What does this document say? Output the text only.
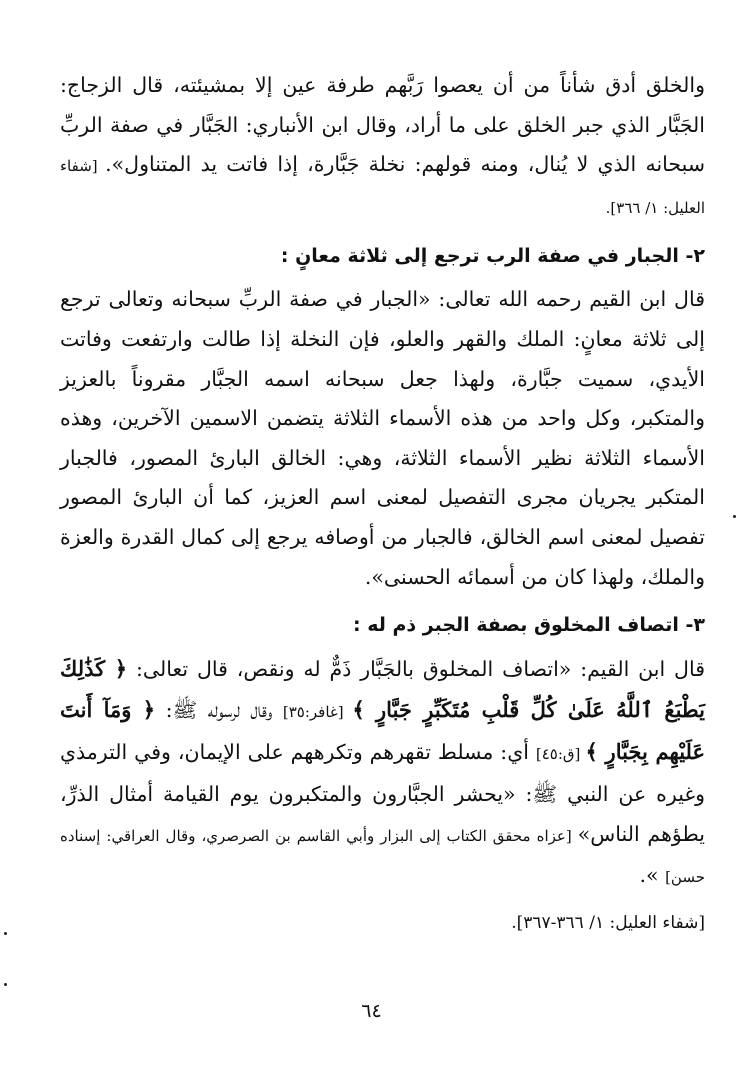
والخلق أدق شأناً من أن يعصوا رَبَّهم طرفة عين إلا بمشيئته، قال الزجاج: الجَبَّار الذي جبر الخلق على ما أراد، وقال ابن الأنباري: الجَبَّار في صفة الربِّ سبحانه الذي لا يُنال، ومنه قولهم: نخلة جَبَّارة، إذا فاتت يد المتناول». [شفاء العليل: ١/ ٣٦٦].

٢- الجبار في صفة الرب ترجع إلى ثلاثة معانٍ :

قال ابن القيم رحمه الله تعالى: «الجبار في صفة الربِّ سبحانه وتعالى ترجع إلى ثلاثة معانٍ: الملك والقهر والعلو، فإن النخلة إذا طالت وارتفعت وفاتت الأيدي، سميت جبَّارة، ولهذا جعل سبحانه اسمه الجبَّار مقروناً بالعزيز والمتكبر، وكل واحد من هذه الأسماء الثلاثة يتضمن الاسمين الآخرين، وهذه الأسماء الثلاثة نظير الأسماء الثلاثة، وهي: الخالق البارئ المصور، فالجبار المتكبر يجريان مجرى التفصيل لمعنى اسم العزيز، كما أن البارئ المصور تفصيل لمعنى اسم الخالق، فالجبار من أوصافه يرجع إلى كمال القدرة والعزة والملك، ولهذا كان من أسمائه الحسنى».

٣- اتصاف المخلوق بصفة الجبر ذم له :

قال ابن القيم: «اتصاف المخلوق بالجَبَّار ذَمٌّ له ونقص، قال تعالى: ﴿ كَذَٰلِكَ يَطْبَعُ ٱللَّهُ عَلَىٰ كُلِّ قَلْبِ مُتَكَبِّرٍ جَبَّارٍ ﴾ [غافر:٣٥] وقال لرسوله ﷺ: ﴿ وَمَآ أَنتَ عَلَيْهِم بِجَبَّارٍ ﴾ [ق:٤٥] أي: مسلط تقهرهم وتكرههم على الإيمان، وفي الترمذي وغيره عن النبي ﷺ: «يحشر الجبَّارون والمتكبرون يوم القيامة أمثال الذرِّ، يطؤهم الناس» [عزاه محقق الكتاب إلى البزار وأبي القاسم بن الصرصري، وقال العراقي: إسناده حسن] ».

[شفاء العليل: ١/ ٣٦٦-٣٦٧].
٦٤
